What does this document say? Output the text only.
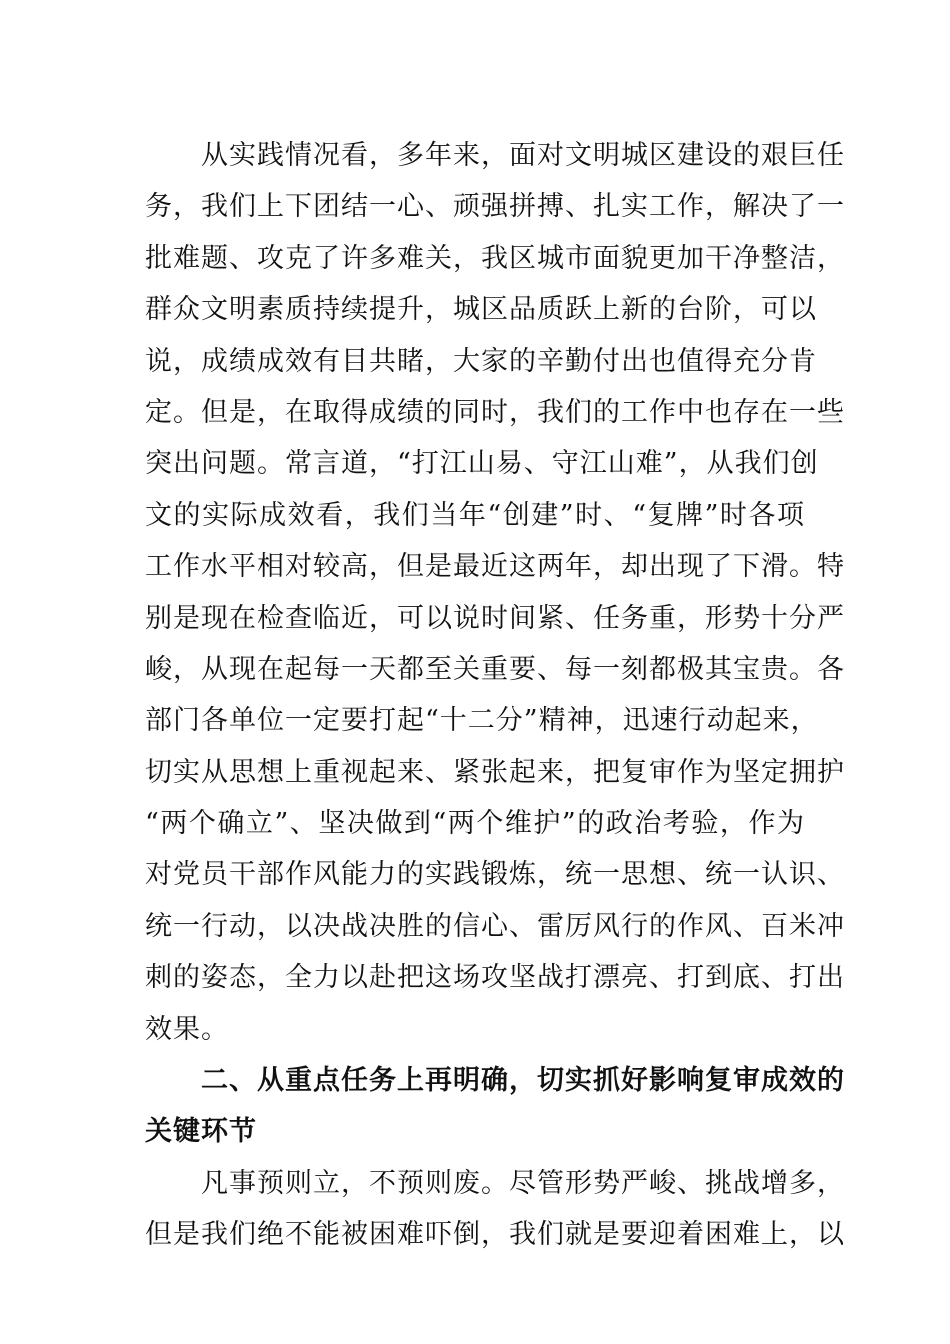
从实践情况看，多年来，面对文明城区建设的艰巨任
务，我们上下团结一心、顽强拼搏、扎实工作，解决了一
批难题、攻克了许多难关，我区城市面貌更加干净整洁，
群众文明素质持续提升，城区品质跃上新的台阶，可以
说，成绩成效有目共睹，大家的辛勤付出也值得充分肯
定。但是，在取得成绩的同时，我们的工作中也存在一些
突出问题。常言道，“打江山易、守江山难”，从我们创
文的实际成效看，我们当年“创建”时、“复牌”时各项
工作水平相对较高，但是最近这两年，却出现了下滑。特
别是现在检查临近，可以说时间紧、任务重，形势十分严
峻，从现在起每一天都至关重要、每一刻都极其宝贵。各
部门各单位一定要打起“十二分”精神，迅速行动起来，
切实从思想上重视起来、紧张起来，把复审作为坚定拥护
“两个确立”、坚决做到“两个维护”的政治考验，作为
对党员干部作风能力的实践锻炼，统一思想、统一认识、
统一行动，以决战决胜的信心、雷厉风行的作风、百米冲
刺的姿态，全力以赴把这场攻坚战打漂亮、打到底、打出
效果。
二、从重点任务上再明确，切实抓好影响复审成效的
关键环节
凡事预则立，不预则废。尽管形势严峻、挑战增多，
但是我们绝不能被困难吓倒，我们就是要迎着困难上，以
